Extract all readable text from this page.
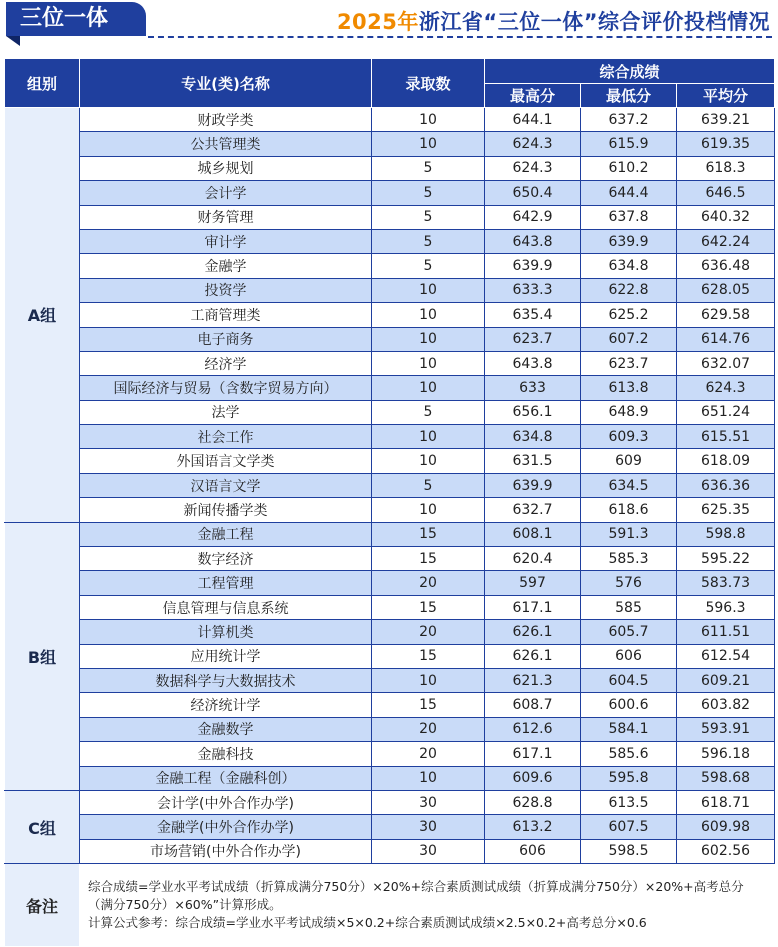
三位一体	2025年浙江省“三位一体”综合评价投档情况
组别	专业(类)名称	录取数	综合成绩		
			最高分	最低分	平均分
A组	财政学类	10	644.1	637.2	639.21
	公共管理类	10	624.3	615.9	619.35
	城乡规划	5	624.3	610.2	618.3
	会计学	5	650.4	644.4	646.5
	财务管理	5	642.9	637.8	640.32
	审计学	5	643.8	639.9	642.24
	金融学	5	639.9	634.8	636.48
	投资学	10	633.3	622.8	628.05
	工商管理类	10	635.4	625.2	629.58
	电子商务	10	623.7	607.2	614.76
	经济学	10	643.8	623.7	632.07
	国际经济与贸易（含数字贸易方向）	10	633	613.8	624.3
	法学	5	656.1	648.9	651.24
	社会工作	10	634.8	609.3	615.51
	外国语言文学类	10	631.5	609	618.09
	汉语言文学	5	639.9	634.5	636.36
	新闻传播学类	10	632.7	618.6	625.35
B组	金融工程	15	608.1	591.3	598.8
	数字经济	15	620.4	585.3	595.22
	工程管理	20	597	576	583.73
	信息管理与信息系统	15	617.1	585	596.3
	计算机类	20	626.1	605.7	611.51
	应用统计学	15	626.1	606	612.54
	数据科学与大数据技术	10	621.3	604.5	609.21
	经济统计学	15	608.7	600.6	603.82
	金融数学	20	612.6	584.1	593.91
	金融科技	20	617.1	585.6	596.18
	金融工程（金融科创）	10	609.6	595.8	598.68
C组	会计学(中外合作办学)	30	628.8	613.5	618.71
	金融学(中外合作办学)	30	613.2	607.5	609.98
	市场营销(中外合作办学)	30	606	598.5	602.56
备注	综合成绩=学业水平考试成绩（折算成满分750分）×20%+综合素质测试成绩（折算成满分750分）×20%+高考总分（满分750分）×60%”计算形成。
计算公式参考：综合成绩=学业水平考试成绩×5×0.2+综合素质测试成绩×2.5×0.2+高考总分×0.6				
